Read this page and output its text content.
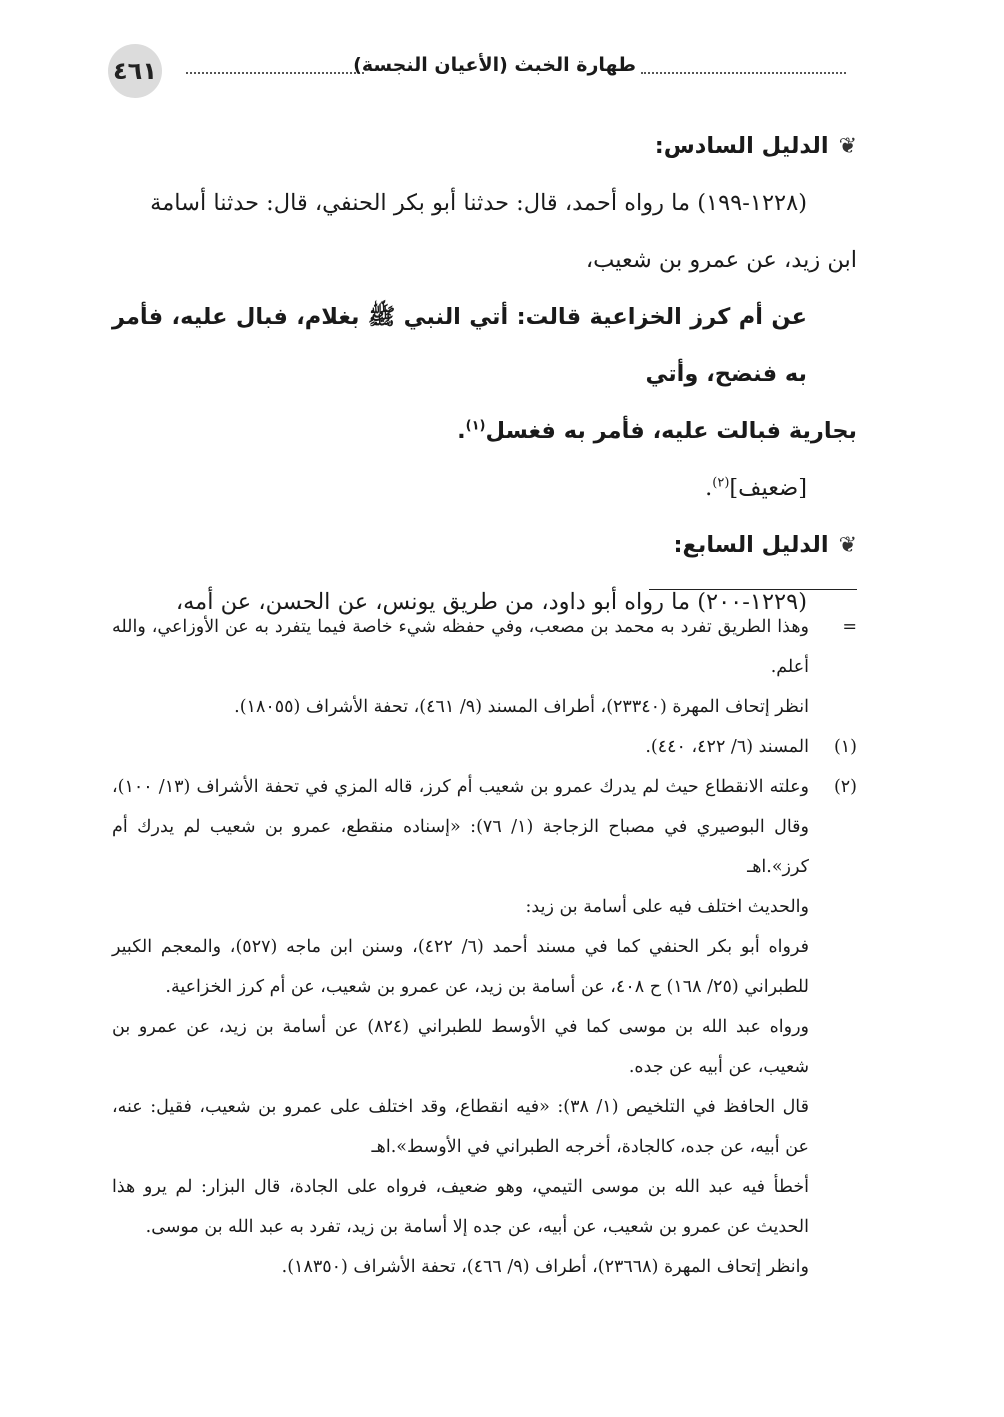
٤٦١	طهارة الخبث (الأعيان النجسة)

❦الدليل السادس:

(١٢٢٨-١٩٩) ما رواه أحمد، قال: حدثنا أبو بكر الحنفي، قال: حدثنا أسامة

ابن زيد، عن عمرو بن شعيب،

عن أم كرز الخزاعية قالت: أتي النبي ﷺ بغلام، فبال عليه، فأمر به فنضح، وأتي

بجارية فبالت عليه، فأمر به فغسل$^{(١)}$.

[ضعيف]$^{(٢)}$.

❦الدليل السابع:

(١٢٢٩-٢٠٠) ما رواه أبو داود، من طريق يونس، عن الحسن، عن أمه،

=
وهذا الطريق تفرد به محمد بن مصعب، وفي حفظه شيء خاصة فيما يتفرد به عن الأوزاعي، والله أعلم.

انظر إتحاف المهرة (٢٣٣٤٠)، أطراف المسند (٩/ ٤٦١)، تحفة الأشراف (١٨٠٥٥).

(١)
المسند (٦/ ٤٢٢، ٤٤٠).

(٢)
وعلته الانقطاع حيث لم يدرك عمرو بن شعيب أم كرز، قاله المزي في تحفة الأشراف (١٣/ ١٠٠)، وقال البوصيري في مصباح الزجاجة (١/ ٧٦): «إسناده منقطع، عمرو بن شعيب لم يدرك أم كرز».اهـ

والحديث اختلف فيه على أسامة بن زيد:

فرواه أبو بكر الحنفي كما في مسند أحمد (٦/ ٤٢٢)، وسنن ابن ماجه (٥٢٧)، والمعجم الكبير للطبراني (٢٥/ ١٦٨) ح ٤٠٨، عن أسامة بن زيد، عن عمرو بن شعيب، عن أم كرز الخزاعية.

ورواه عبد الله بن موسى كما في الأوسط للطبراني (٨٢٤) عن أسامة بن زيد، عن عمرو بن شعيب، عن أبيه عن جده.

قال الحافظ في التلخيص (١/ ٣٨): «فيه انقطاع، وقد اختلف على عمرو بن شعيب، فقيل: عنه، عن أبيه، عن جده، كالجادة، أخرجه الطبراني في الأوسط».اهـ

أخطأ فيه عبد الله بن موسى التيمي، وهو ضعيف، فرواه على الجادة، قال البزار: لم يرو هذا الحديث عن عمرو بن شعيب، عن أبيه، عن جده إلا أسامة بن زيد، تفرد به عبد الله بن موسى.

وانظر إتحاف المهرة (٢٣٦٦٨)، أطراف (٩/ ٤٦٦)، تحفة الأشراف (١٨٣٥٠).
